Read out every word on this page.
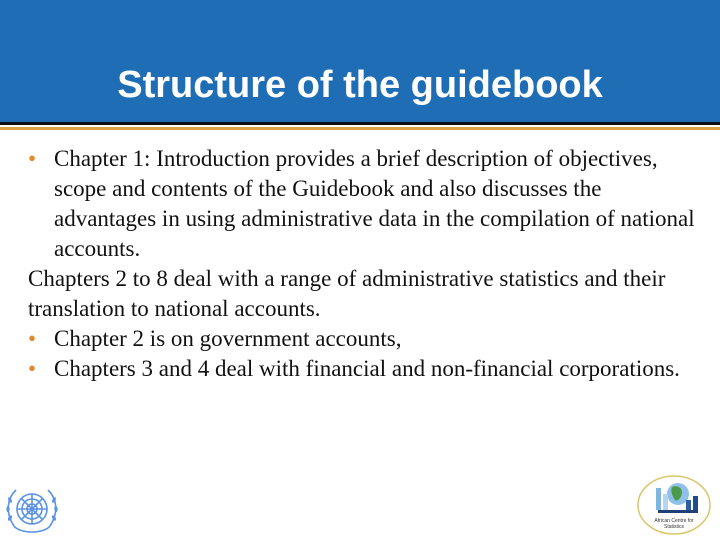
Structure of the guidebook
• Chapter 1: Introduction provides a brief description of objectives, scope and contents of the Guidebook and also discusses the advantages in using administrative data in the compilation of national accounts.

Chapters 2 to 8 deal with a range of administrative statistics and their translation to national accounts.

• Chapter 2 is on government accounts,
• Chapters 3 and 4 deal with financial and non-financial corporations.
African Centre for Statistics
